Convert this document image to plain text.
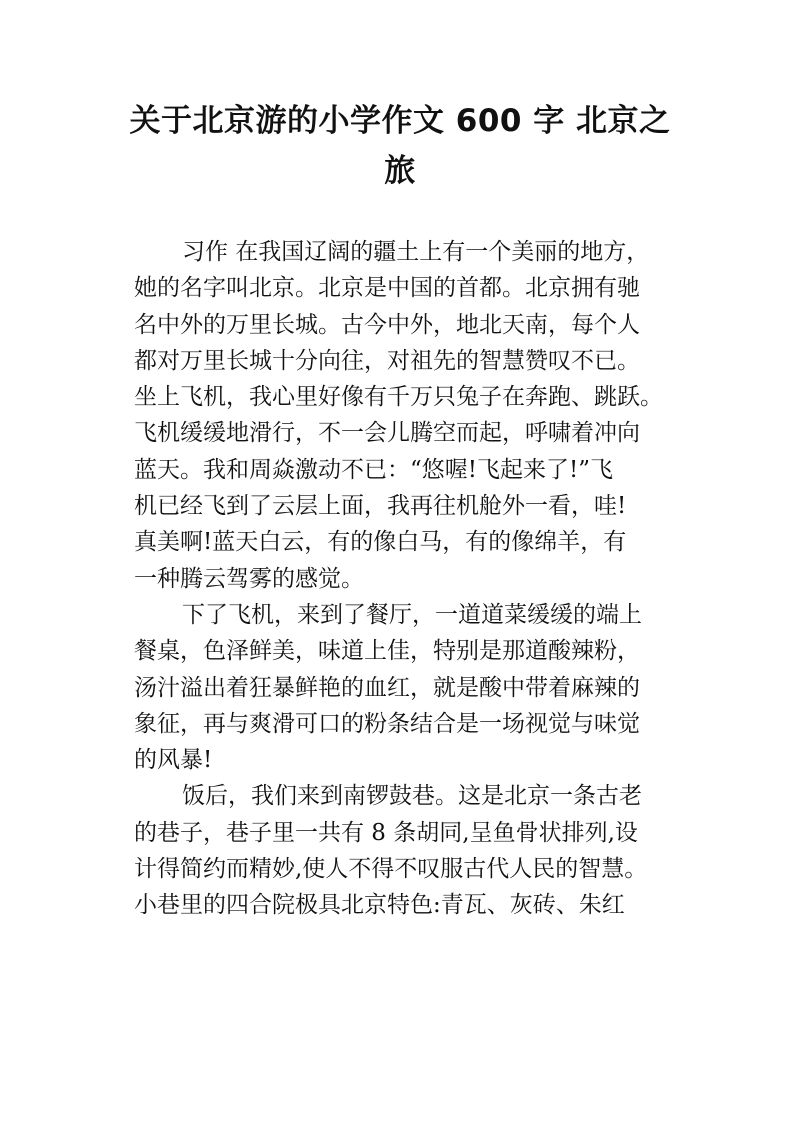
关于北京游的小学作文 600 字 北京之
旅
习作 在我国辽阔的疆土上有一个美丽的地方，
她的名字叫北京。北京是中国的首都。北京拥有驰
名中外的万里长城。古今中外，地北天南，每个人
都对万里长城十分向往，对祖先的智慧赞叹不已。
坐上飞机，我心里好像有千万只兔子在奔跑、跳跃。
飞机缓缓地滑行，不一会儿腾空而起，呼啸着冲向
蓝天。我和周焱激动不已：“悠喔!飞起来了!”飞
机已经飞到了云层上面，我再往机舱外一看，哇!
真美啊!蓝天白云，有的像白马，有的像绵羊，有
一种腾云驾雾的感觉。
下了飞机，来到了餐厅，一道道菜缓缓的端上
餐桌，色泽鲜美，味道上佳，特别是那道酸辣粉，
汤汁溢出着狂暴鲜艳的血红，就是酸中带着麻辣的
象征，再与爽滑可口的粉条结合是一场视觉与味觉
的风暴!
饭后，我们来到南锣鼓巷。这是北京一条古老
的巷子，巷子里一共有 8 条胡同,呈鱼骨状排列,设
计得简约而精妙,使人不得不叹服古代人民的智慧。
小巷里的四合院极具北京特色:青瓦、灰砖、朱红
